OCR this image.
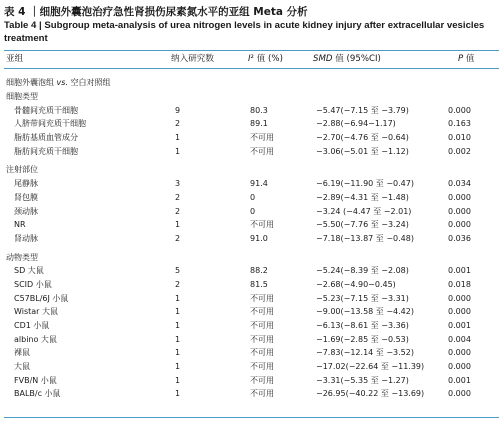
表 4 ｜细胞外囊泡治疗急性肾损伤尿素氮水平的亚组 Meta 分析
Table 4 | Subgroup meta-analysis of urea nitrogen levels in acute kidney injury after extracellular vesicles treatment
亚组	纳入研究数	I² 值 (%)	SMD 值 (95%CI)	P 值
细胞外囊泡组 vs. 空白对照组
细胞类型
骨髓间充质干细胞	9	80.3	−5.47(−7.15 至 −3.79)	0.000
人脐带间充质干细胞	2	89.1	−2.88(−6.94−1.17)	0.163
脂肪基质血管成分	1	不可用	−2.70(−4.76 至 −0.64)	0.010
脂肪间充质干细胞	1	不可用	−3.06(−5.01 至 −1.12)	0.002
注射部位
尾静脉	3	91.4	−6.19(−11.90 至 −0.47)	0.034
肾包膜	2	0	−2.89(−4.31 至 −1.48)	0.000
颈动脉	2	0	−3.24 (−4.47 至 −2.01)	0.000
NR	1	不可用	−5.50(−7.76 至 −3.24)	0.000
肾动脉	2	91.0	−7.18(−13.87 至 −0.48)	0.036
动物类型
SD 大鼠	5	88.2	−5.24(−8.39 至 −2.08)	0.001
SCID 小鼠	2	81.5	−2.68(−4.90−0.45)	0.018
C57BL/6J 小鼠	1	不可用	−5.23(−7.15 至 −3.31)	0.000
Wistar 大鼠	1	不可用	−9.00(−13.58 至 −4.42)	0.000
CD1 小鼠	1	不可用	−6.13(−8.61 至 −3.36)	0.001
albino 大鼠	1	不可用	−1.69(−2.85 至 −0.53)	0.004
裸鼠	1	不可用	−7.83(−12.14 至 −3.52)	0.000
大鼠	1	不可用	−17.02(−22.64 至 −11.39)	0.000
FVB/N 小鼠	1	不可用	−3.31(−5.35 至 −1.27)	0.001
BALB/c 小鼠	1	不可用	−26.95(−40.22 至 −13.69)	0.000
